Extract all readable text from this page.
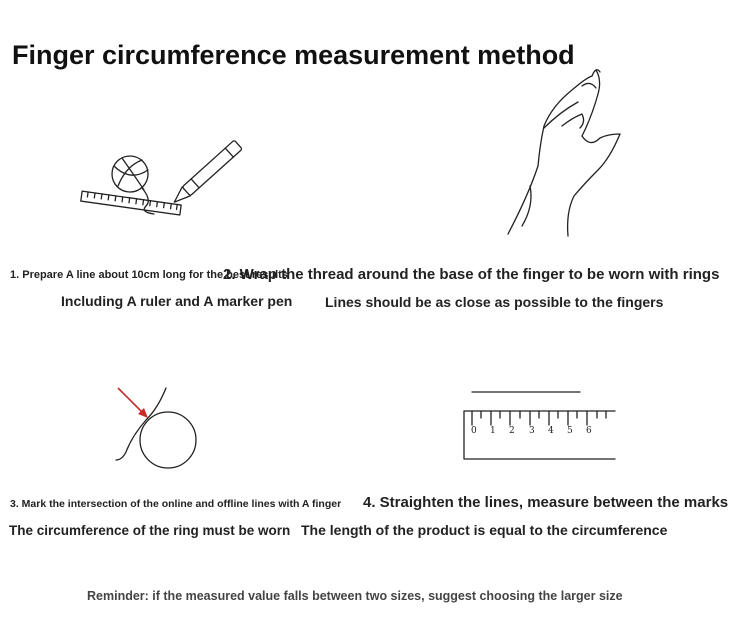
Finger circumference measurement method
0 1 2 3 4 5 6
1. Prepare A line about 10cm long for the best results
2. Wrap the thread around the base of the finger to be worn with rings
Including A ruler and A marker pen Lines should be as close as possible to the fingers
3. Mark the intersection of the online and offline lines with A finger 4. Straighten the lines, measure between the marks
The circumference of the ring must be worn The length of the product is equal to the circumference
Reminder: if the measured value falls between two sizes, suggest choosing the larger size
